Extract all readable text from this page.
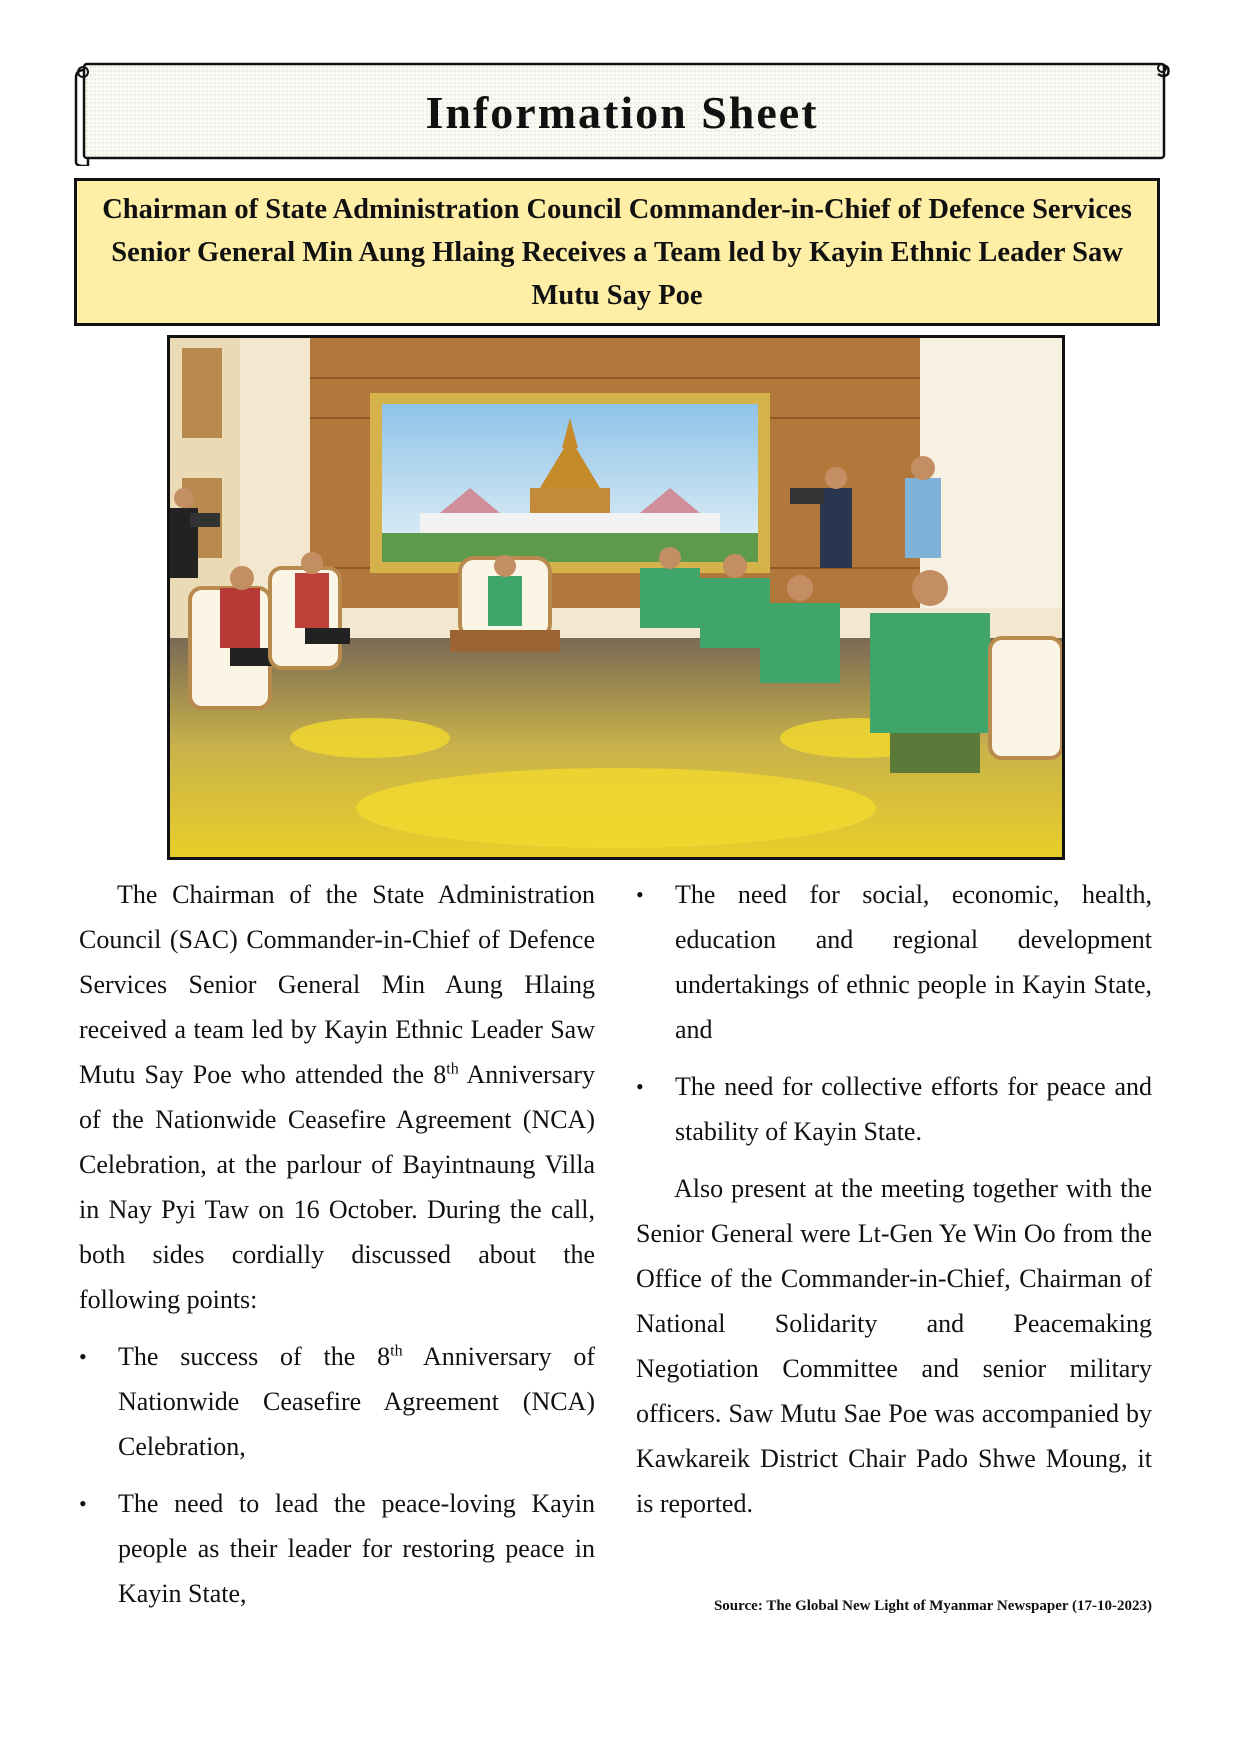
Information Sheet
Chairman of State Administration Council Commander-in-Chief of Defence Services Senior General Min Aung Hlaing Receives a Team led by Kayin Ethnic Leader Saw Mutu Say Poe

The Chairman of the State Administration Council (SAC) Commander-in-Chief of Defence Services Senior General Min Aung Hlaing received a team led by Kayin Ethnic Leader Saw Mutu Say Poe who attended the 8th Anniversary of the Nationwide Ceasefire Agreement (NCA) Celebration, at the parlour of Bayintnaung Villa in Nay Pyi Taw on 16 October. During the call, both sides cordially discussed about the following points:

• The success of the 8th Anniversary of Nationwide Ceasefire Agreement (NCA) Celebration,
• The need to lead the peace-loving Kayin people as their leader for restoring peace in Kayin State,
• The need for social, economic, health, education and regional development undertakings of ethnic people in Kayin State, and
• The need for collective efforts for peace and stability of Kayin State.

Also present at the meeting together with the Senior General were Lt-Gen Ye Win Oo from the Office of the Commander-in-Chief, Chairman of National Solidarity and Peacemaking Negotiation Committee and senior military officers. Saw Mutu Sae Poe was accompanied by Kawkareik District Chair Pado Shwe Moung, it is reported.

Source: The Global New Light of Myanmar Newspaper (17-10-2023)
